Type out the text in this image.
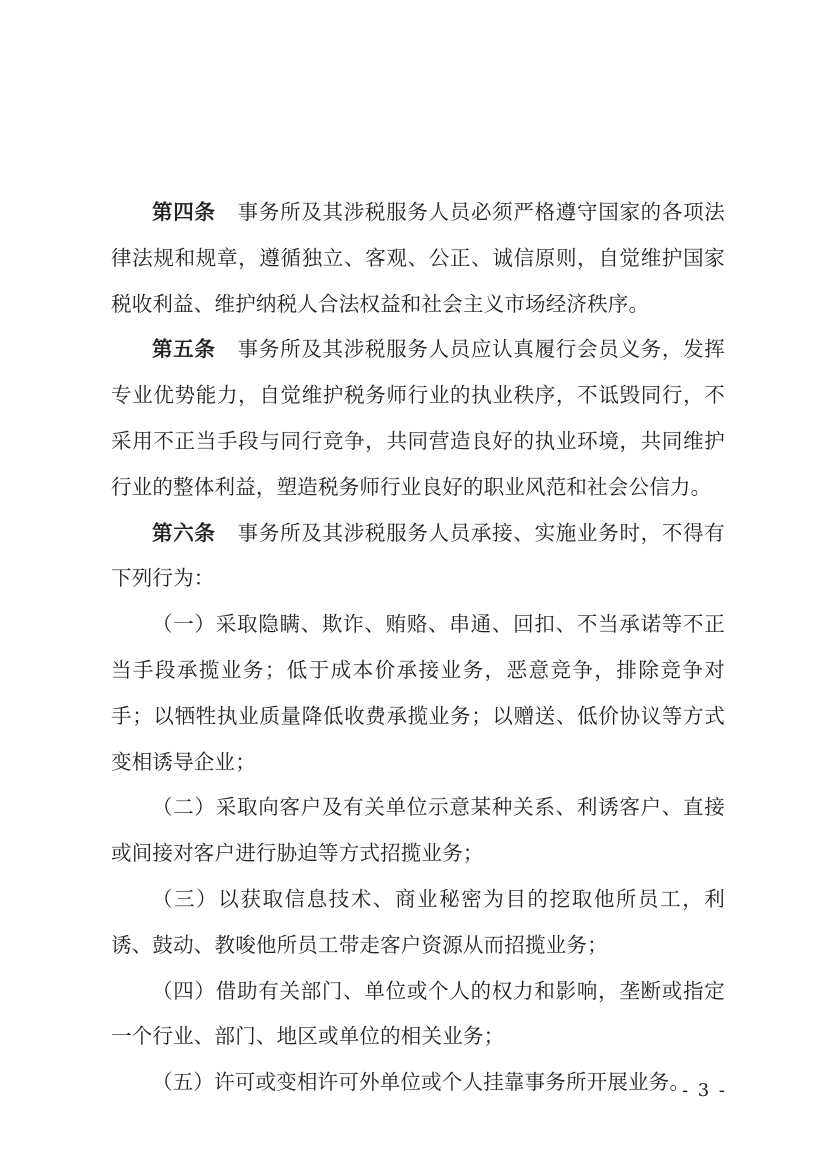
第四条 事务所及其涉税服务人员必须严格遵守国家的各项法律法规和规章，遵循独立、客观、公正、诚信原则，自觉维护国家税收利益、维护纳税人合法权益和社会主义市场经济秩序。

第五条 事务所及其涉税服务人员应认真履行会员义务，发挥专业优势能力，自觉维护税务师行业的执业秩序，不诋毁同行，不采用不正当手段与同行竞争，共同营造良好的执业环境，共同维护行业的整体利益，塑造税务师行业良好的职业风范和社会公信力。

第六条 事务所及其涉税服务人员承接、实施业务时，不得有下列行为：

（一）采取隐瞒、欺诈、贿赂、串通、回扣、不当承诺等不正当手段承揽业务；低于成本价承接业务，恶意竞争，排除竞争对手；以牺牲执业质量降低收费承揽业务；以赠送、低价协议等方式变相诱导企业；

（二）采取向客户及有关单位示意某种关系、利诱客户、直接或间接对客户进行胁迫等方式招揽业务；

（三）以获取信息技术、商业秘密为目的挖取他所员工，利诱、鼓动、教唆他所员工带走客户资源从而招揽业务；

（四）借助有关部门、单位或个人的权力和影响，垄断或指定一个行业、部门、地区或单位的相关业务；

（五）许可或变相许可外单位或个人挂靠事务所开展业务。

- 3 -
